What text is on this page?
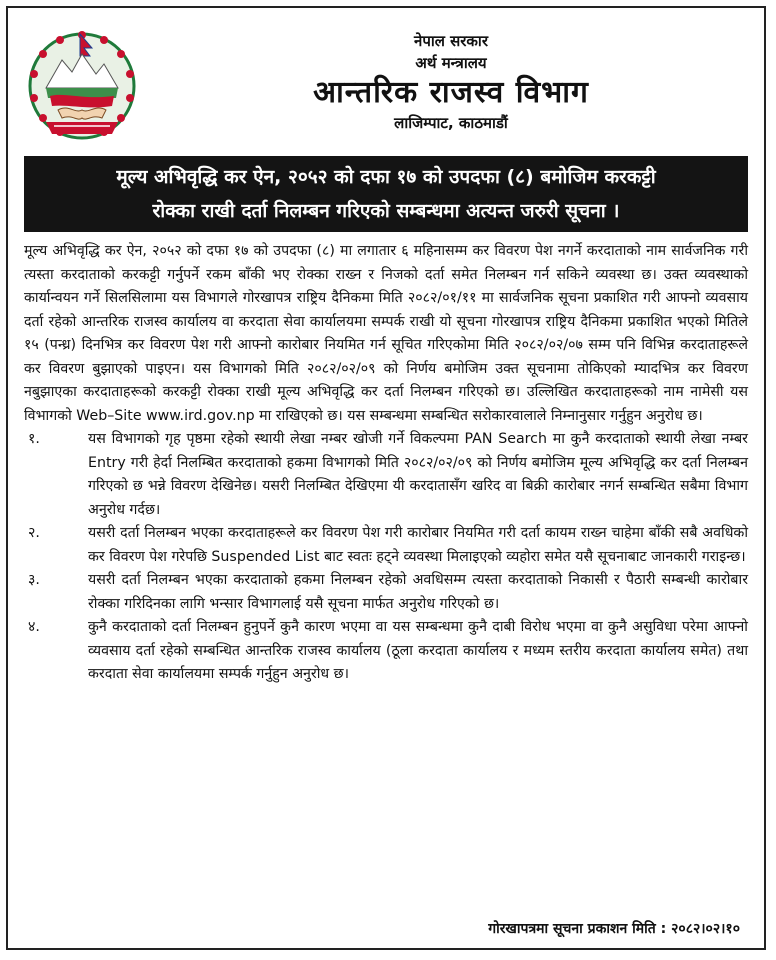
नेपाल सरकार
अर्थ मन्त्रालय
आन्तरिक राजस्व विभाग
लाजिम्पाट, काठमाडौं
मूल्य अभिवृद्धि कर ऐन, २०५२ को दफा १७ को उपदफा (८) बमोजिम करकट्टी
रोक्का राखी दर्ता निलम्बन गरिएको सम्बन्धमा अत्यन्त जरुरी सूचना ।

मूल्य अभिवृद्धि कर ऐन, २०५२ को दफा १७ को उपदफा (८) मा लगातार ६ महिनासम्म कर विवरण पेश नगर्ने करदाताको नाम सार्वजनिक गरी त्यस्ता करदाताको करकट्टी गर्नुपर्ने रकम बाँकी भए रोक्का राख्न र निजको दर्ता समेत निलम्बन गर्न सकिने व्यवस्था छ। उक्त व्यवस्थाको कार्यान्वयन गर्ने सिलसिलामा यस विभागले गोरखापत्र राष्ट्रिय दैनिकमा मिति २०८२/०१/११ मा सार्वजनिक सूचना प्रकाशित गरी आफ्नो व्यवसाय दर्ता रहेको आन्तरिक राजस्व कार्यालय वा करदाता सेवा कार्यालयमा सम्पर्क राखी यो सूचना गोरखापत्र राष्ट्रिय दैनिकमा प्रकाशित भएको मितिले १५ (पन्ध्र) दिनभित्र कर विवरण पेश गरी आफ्नो कारोबार नियमित गर्न सूचित गरिएकोमा मिति २०८२/०२/०७ सम्म पनि विभिन्न करदाताहरूले कर विवरण बुझाएको पाइएन। यस विभागको मिति २०८२/०२/०९ को निर्णय बमोजिम उक्त सूचनामा तोकिएको म्यादभित्र कर विवरण नबुझाएका करदाताहरूको करकट्टी रोक्का राखी मूल्य अभिवृद्धि कर दर्ता निलम्बन गरिएको छ। उल्लिखित करदाताहरूको नाम नामेसी यस विभागको Web–Site www.ird.gov.np मा राखिएको छ। यस सम्बन्धमा सम्बन्धित सरोकारवालाले निम्नानुसार गर्नुहुन अनुरोध छ।

१.	यस विभागको गृह पृष्ठमा रहेको स्थायी लेखा नम्बर खोजी गर्ने विकल्पमा PAN Search मा कुनै करदाताको स्थायी लेखा नम्बर Entry गरी हेर्दा निलम्बित करदाताको हकमा विभागको मिति २०८२/०२/०९ को निर्णय बमोजिम मूल्य अभिवृद्धि कर दर्ता निलम्बन गरिएको छ भन्ने विवरण देखिनेछ। यसरी निलम्बित देखिएमा यी करदातासँग खरिद वा बिक्री कारोबार नगर्न सम्बन्धित सबैमा विभाग अनुरोध गर्दछ।
२.	यसरी दर्ता निलम्बन भएका करदाताहरूले कर विवरण पेश गरी कारोबार नियमित गरी दर्ता कायम राख्न चाहेमा बाँकी सबै अवधिको कर विवरण पेश गरेपछि Suspended List बाट स्वतः हट्ने व्यवस्था मिलाइएको व्यहोरा समेत यसै सूचनाबाट जानकारी गराइन्छ।
३.	यसरी दर्ता निलम्बन भएका करदाताको हकमा निलम्बन रहेको अवधिसम्म त्यस्ता करदाताको निकासी र पैठारी सम्बन्धी कारोबार रोक्का गरिदिनका लागि भन्सार विभागलाई यसै सूचना मार्फत अनुरोध गरिएको छ।
४.	कुनै करदाताको दर्ता निलम्बन हुनुपर्ने कुनै कारण भएमा वा यस सम्बन्धमा कुनै दाबी विरोध भएमा वा कुनै असुविधा परेमा आफ्नो व्यवसाय दर्ता रहेको सम्बन्धित आन्तरिक राजस्व कार्यालय (ठूला करदाता कार्यालय र मध्यम स्तरीय करदाता कार्यालय समेत) तथा करदाता सेवा कार्यालयमा सम्पर्क गर्नुहुन अनुरोध छ।
गोरखापत्रमा सूचना प्रकाशन मिति : २०८२।०२।१०
